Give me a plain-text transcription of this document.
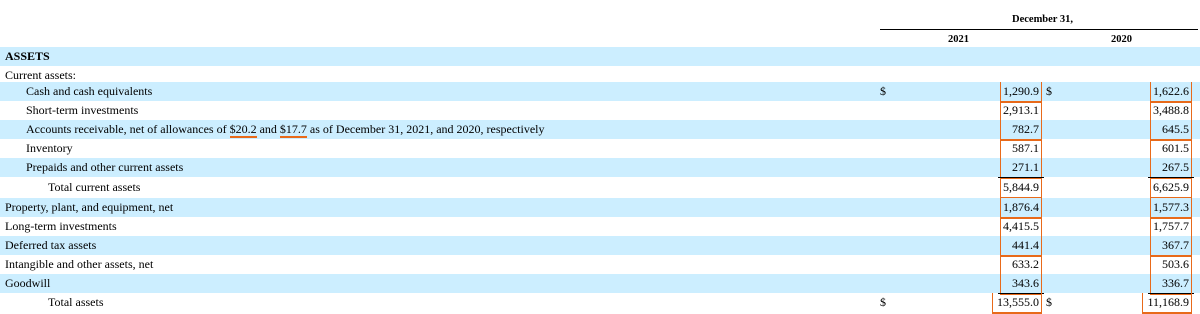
December 31,
2021	2020
ASSETS
Current assets:
Cash and cash equivalents	$	1,290.9 $	1,622.6
Short-term investments	2,913.1	3,488.8
Accounts receivable, net of allowances of $20.2 and $17.7 as of December 31, 2021, and 2020, respectively	782.7	645.5
Inventory	587.1	601.5
Prepaids and other current assets	271.1	267.5
Total current assets	5,844.9	6,625.9
Property, plant, and equipment, net	1,876.4	1,577.3
Long-term investments	4,415.5	1,757.7
Deferred tax assets	441.4	367.7
Intangible and other assets, net	633.2	503.6
Goodwill	343.6	336.7
Total assets	$	13,555.0 $	11,168.9
